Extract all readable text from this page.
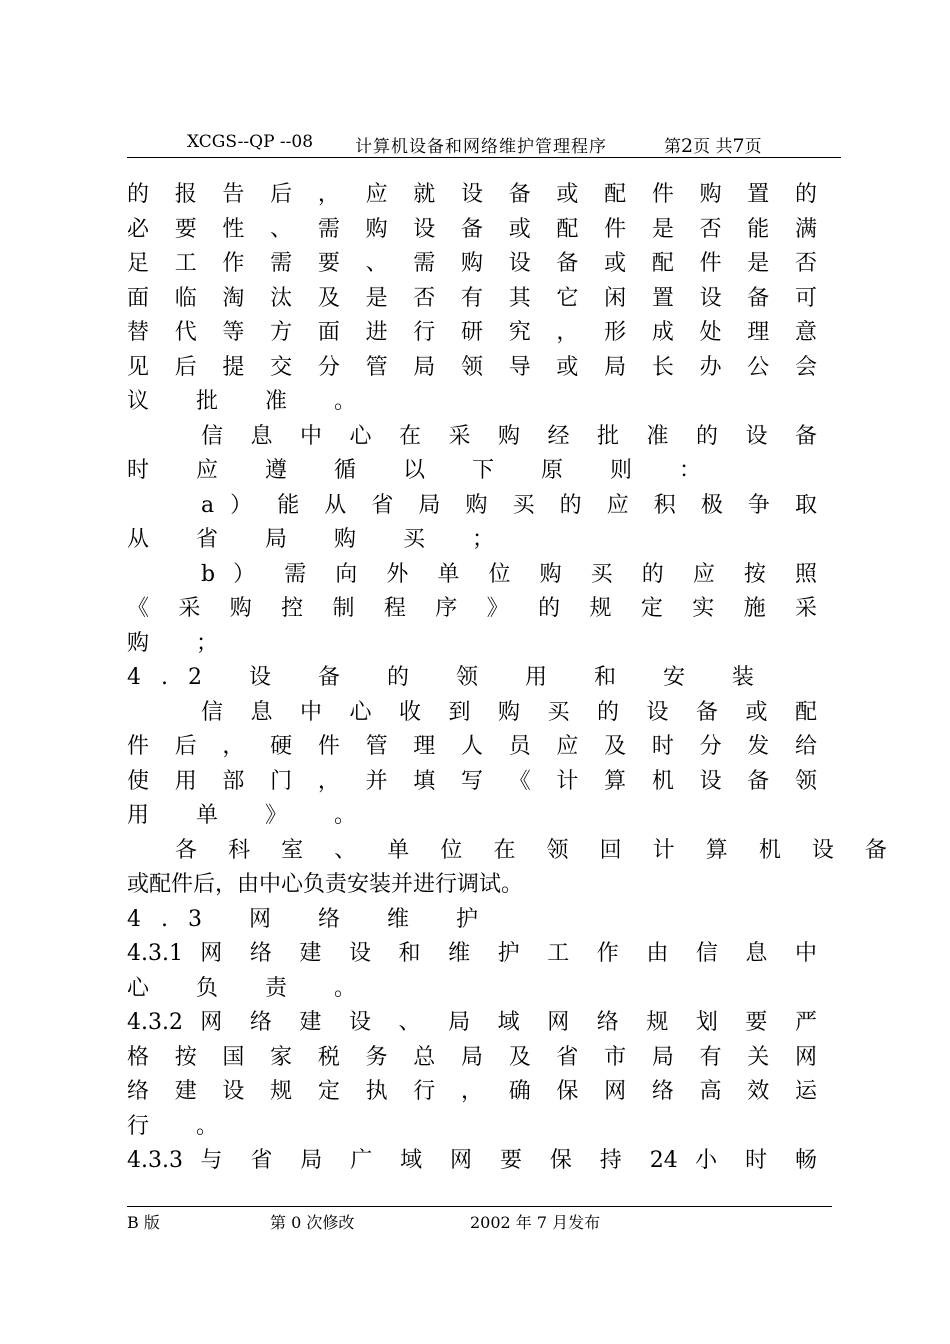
XCGS--QP --08 计算机设备和网络维护管理程序	第2页 共7页
的 报 告 后 ， 应 就 设 备 或 配 件 购 置 的
必 要 性 、 需 购 设 备 或 配 件 是 否 能 满
足 工 作 需 要 、 需 购 设 备 或 配 件 是 否
面 临 淘 汰 及 是 否 有 其 它 闲 置 设 备 可
替 代 等 方 面 进 行 研 究 ， 形 成 处 理 意
见 后 提 交 分 管 局 领 导 或 局 长 办 公 会
议 批 准 。
信 息 中 心 在 采 购 经 批 准 的 设 备
时 应 遵 循 以 下 原 则 ：
a ） 能 从 省 局 购 买 的 应 积 极 争 取
从 省 局 购 买 ；
b ） 需 向 外 单 位 购 买 的 应 按 照
《 采 购 控 制 程 序 》 的 规 定 实 施 采
购 ；
4.2 设 备 的 领 用 和 安 装
信 息 中 心 收 到 购 买 的 设 备 或 配
件 后 ， 硬 件 管 理 人 员 应 及 时 分 发 给
使 用 部 门 ， 并 填 写 《 计 算 机 设 备 领
用 单 》 。
各 科 室 、 单 位 在 领 回 计 算 机 设 备
或配件后，由中心负责安装并进行调试。
4.3 网 络 维 护
4.3.1 网 络 建 设 和 维 护 工 作 由 信 息 中
心 负 责 。
4.3.2 网 络 建 设 、 局 域 网 络 规 划 要 严
格 按 国 家 税 务 总 局 及 省 市 局 有 关 网
络 建 设 规 定 执 行 ， 确 保 网 络 高 效 运
行 。
4.3.3 与 省 局 广 域 网 要 保 持 24 小 时 畅
B 版	第 0 次修改	2002 年 7 月发布
